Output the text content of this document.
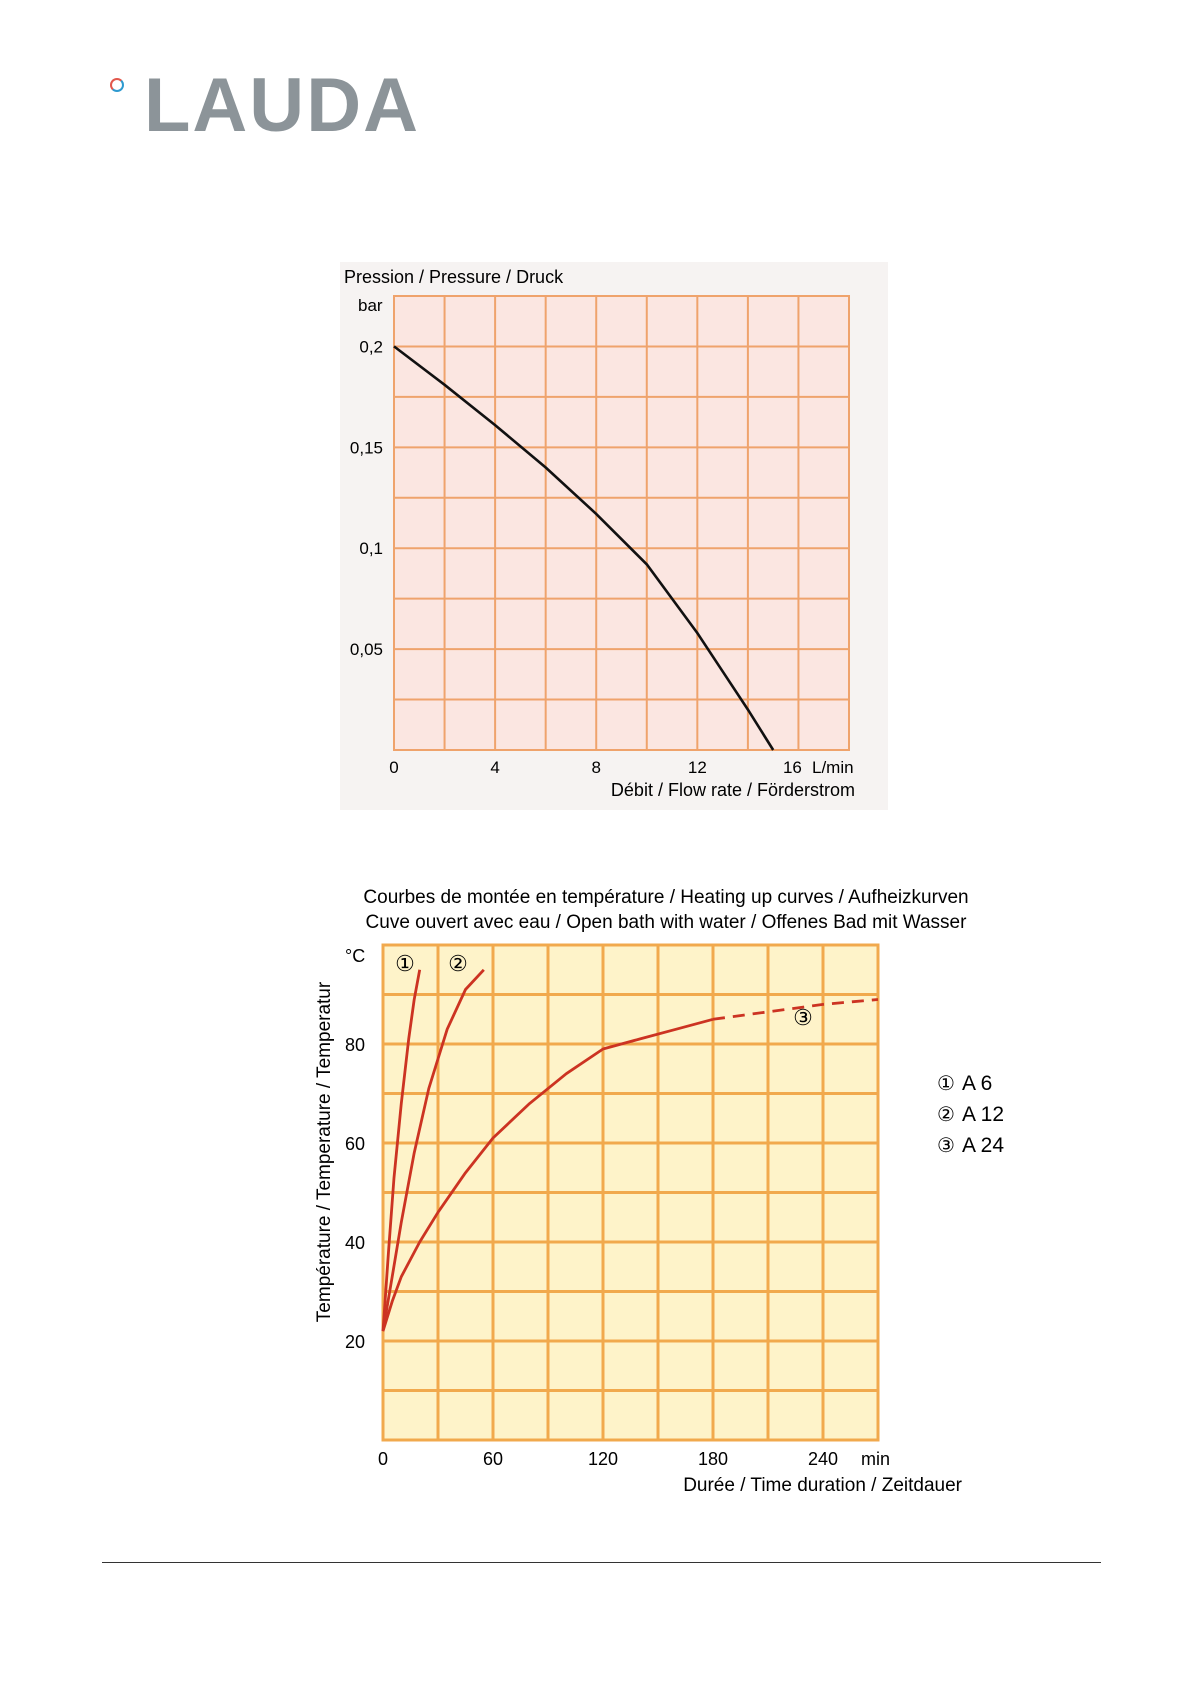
LAUDA
Pression / Pressure / Druck
bar
0,05
0,1
0,15
0,2
0	4	8	12	16 L/min
Débit / Flow rate / Förderstrom
Courbes de montée en température / Heating up curves / Aufheizkurven
Cuve ouvert avec eau / Open bath with water / Offenes Bad mit Wasser
°C
Température / Temperature / Temperatur
20
40
60
80
0	60	120	180	240 min
Durée / Time duration / Zeitdauer
① ②
③
① A 6
② A 12
③ A 24
